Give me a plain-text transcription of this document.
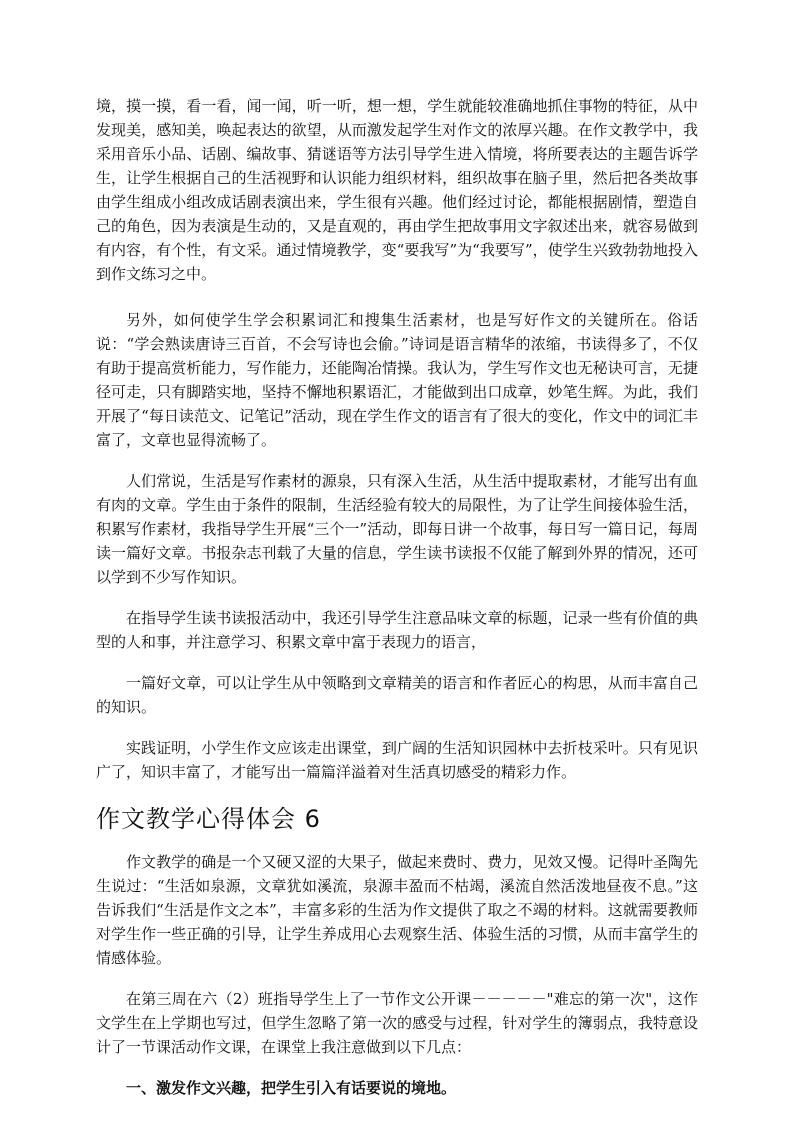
境，摸一摸，看一看，闻一闻，听一听，想一想，学生就能较准确地抓住事物的特征，从中发现美，感知美，唤起表达的欲望，从而激发起学生对作文的浓厚兴趣。在作文教学中，我采用音乐小品、话剧、编故事、猜谜语等方法引导学生进入情境，将所要表达的主题告诉学生，让学生根据自己的生活视野和认识能力组织材料，组织故事在脑子里，然后把各类故事由学生组成小组改成话剧表演出来，学生很有兴趣。他们经过讨论，都能根据剧情，塑造自己的角色，因为表演是生动的，又是直观的，再由学生把故事用文字叙述出来，就容易做到有内容，有个性，有文采。通过情境教学，变“要我写”为“我要写”，使学生兴致勃勃地投入到作文练习之中。

另外，如何使学生学会积累词汇和搜集生活素材，也是写好作文的关键所在。俗话说：“学会熟读唐诗三百首，不会写诗也会偷。”诗词是语言精华的浓缩，书读得多了，不仅有助于提高赏析能力，写作能力，还能陶冶情操。我认为，学生写作文也无秘诀可言，无捷径可走，只有脚踏实地，坚持不懈地积累语汇，才能做到出口成章，妙笔生辉。为此，我们开展了“每日读范文、记笔记”活动，现在学生作文的语言有了很大的变化，作文中的词汇丰富了，文章也显得流畅了。

人们常说，生活是写作素材的源泉，只有深入生活，从生活中提取素材，才能写出有血有肉的文章。学生由于条件的限制，生活经验有较大的局限性，为了让学生间接体验生活，积累写作素材，我指导学生开展“三个一”活动，即每日讲一个故事，每日写一篇日记，每周读一篇好文章。书报杂志刊载了大量的信息，学生读书读报不仅能了解到外界的情况，还可以学到不少写作知识。

在指导学生读书读报活动中，我还引导学生注意品味文章的标题，记录一些有价值的典型的人和事，并注意学习、积累文章中富于表现力的语言，

一篇好文章，可以让学生从中领略到文章精美的语言和作者匠心的构思，从而丰富自己的知识。

实践证明，小学生作文应该走出课堂，到广阔的生活知识园林中去折枝采叶。只有见识广了，知识丰富了，才能写出一篇篇洋溢着对生活真切感受的精彩力作。

作文教学心得体会 6

作文教学的确是一个又硬又涩的大果子，做起来费时、费力，见效又慢。记得叶圣陶先生说过：“生活如泉源，文章犹如溪流，泉源丰盈而不枯竭，溪流自然活泼地昼夜不息。”这告诉我们“生活是作文之本”，丰富多彩的生活为作文提供了取之不竭的材料。这就需要教师对学生作一些正确的引导，让学生养成用心去观察生活、体验生活的习惯，从而丰富学生的情感体验。

在第三周在六（2）班指导学生上了一节作文公开课－－－－－"难忘的第一次"，这作文学生在上学期也写过，但学生忽略了第一次的感受与过程，针对学生的簿弱点，我特意设计了一节课活动作文课，在课堂上我注意做到以下几点：

一、激发作文兴趣，把学生引入有话要说的境地。
